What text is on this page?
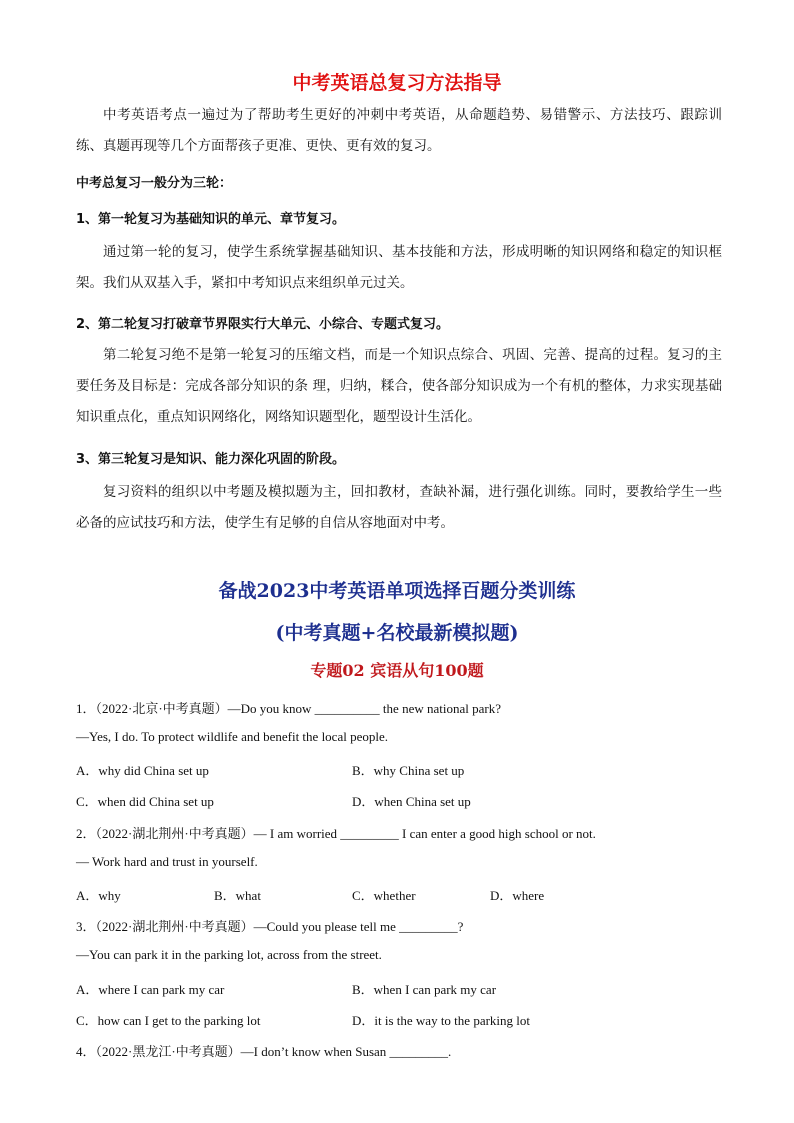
中考英语总复习方法指导
中考英语考点一遍过为了帮助考生更好的冲刺中考英语，从命题趋势、易错警示、方法技巧、跟踪训练、真题再现等几个方面帮孩子更准、更快、更有效的复习。
中考总复习一般分为三轮：
1、第一轮复习为基础知识的单元、章节复习。
通过第一轮的复习，使学生系统掌握基础知识、基本技能和方法，形成明晰的知识网络和稳定的知识框架。我们从双基入手，紧扣中考知识点来组织单元过关。
2、第二轮复习打破章节界限实行大单元、小综合、专题式复习。
第二轮复习绝不是第一轮复习的压缩文档，而是一个知识点综合、巩固、完善、提高的过程。复习的主要任务及目标是：完成各部分知识的条 理，归纳，糅合，使各部分知识成为一个有机的整体，力求实现基础知识重点化，重点知识网络化，网络知识题型化，题型设计生活化。
3、第三轮复习是知识、能力深化巩固的阶段。
复习资料的组织以中考题及模拟题为主，回扣教材，查缺补漏，进行强化训练。同时，要教给学生一些必备的应试技巧和方法，使学生有足够的自信从容地面对中考。
备战2023中考英语单项选择百题分类训练
(中考真题+名校最新模拟题)
专题02 宾语从句100题
1．（2022·北京·中考真题）—Do you know __________ the new national park?
—Yes, I do. To protect wildlife and benefit the local people.
A．why did China set up	B．why China set up
C．when did China set up	D．when China set up
2．（2022·湖北荆州·中考真题）— I am worried _________ I can enter a good high school or not.
— Work hard and trust in yourself.
A．why	B．what	C．whether	D．where
3．（2022·湖北荆州·中考真题）—Could you please tell me _________?
—You can park it in the parking lot, across from the street.
A．where I can park my car	B．when I can park my car
C．how can I get to the parking lot	D．it is the way to the parking lot
4．（2022·黑龙江·中考真题）—I don’t know when Susan _________.
